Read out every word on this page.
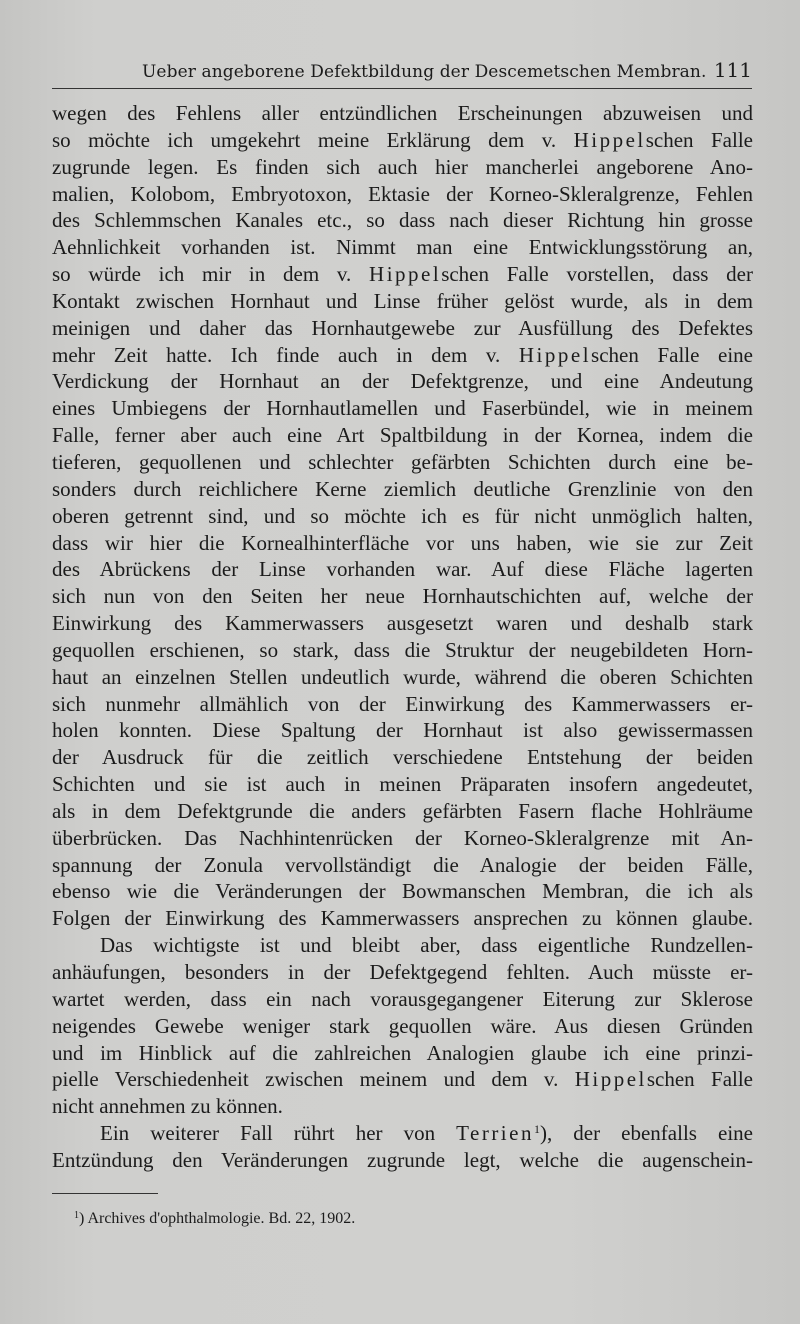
Ueber angeborene Defektbildung der Descemetschen Membran. 111
wegen des Fehlens aller entzündlichen Erscheinungen abzuweisen und
so möchte ich umgekehrt meine Erklärung dem v. Hippelschen Falle
zugrunde legen. Es finden sich auch hier mancherlei angeborene Ano-
malien, Kolobom, Embryotoxon, Ektasie der Korneo-Skleralgrenze, Fehlen
des Schlemmschen Kanales etc., so dass nach dieser Richtung hin grosse
Aehnlichkeit vorhanden ist. Nimmt man eine Entwicklungsstörung an,
so würde ich mir in dem v. Hippelschen Falle vorstellen, dass der
Kontakt zwischen Hornhaut und Linse früher gelöst wurde, als in dem
meinigen und daher das Hornhautgewebe zur Ausfüllung des Defektes
mehr Zeit hatte. Ich finde auch in dem v. Hippelschen Falle eine
Verdickung der Hornhaut an der Defektgrenze, und eine Andeutung
eines Umbiegens der Hornhautlamellen und Faserbündel, wie in meinem
Falle, ferner aber auch eine Art Spaltbildung in der Kornea, indem die
tieferen, gequollenen und schlechter gefärbten Schichten durch eine be-
sonders durch reichlichere Kerne ziemlich deutliche Grenzlinie von den
oberen getrennt sind, und so möchte ich es für nicht unmöglich halten,
dass wir hier die Kornealhinterfläche vor uns haben, wie sie zur Zeit
des Abrückens der Linse vorhanden war. Auf diese Fläche lagerten
sich nun von den Seiten her neue Hornhautschichten auf, welche der
Einwirkung des Kammerwassers ausgesetzt waren und deshalb stark
gequollen erschienen, so stark, dass die Struktur der neugebildeten Horn-
haut an einzelnen Stellen undeutlich wurde, während die oberen Schichten
sich nunmehr allmählich von der Einwirkung des Kammerwassers er-
holen konnten. Diese Spaltung der Hornhaut ist also gewissermassen
der Ausdruck für die zeitlich verschiedene Entstehung der beiden
Schichten und sie ist auch in meinen Präparaten insofern angedeutet,
als in dem Defektgrunde die anders gefärbten Fasern flache Hohlräume
überbrücken. Das Nachhintenrücken der Korneo-Skleralgrenze mit An-
spannung der Zonula vervollständigt die Analogie der beiden Fälle,
ebenso wie die Veränderungen der Bowmanschen Membran, die ich als
Folgen der Einwirkung des Kammerwassers ansprechen zu können glaube.
Das wichtigste ist und bleibt aber, dass eigentliche Rundzellen-
anhäufungen, besonders in der Defektgegend fehlten. Auch müsste er-
wartet werden, dass ein nach vorausgegangener Eiterung zur Sklerose
neigendes Gewebe weniger stark gequollen wäre. Aus diesen Gründen
und im Hinblick auf die zahlreichen Analogien glaube ich eine prinzi-
pielle Verschiedenheit zwischen meinem und dem v. Hippelschen Falle
nicht annehmen zu können.
Ein weiterer Fall rührt her von Terrien$^1$), der ebenfalls eine
Entzündung den Veränderungen zugrunde legt, welche die augenschein-
$^1$) Archives d'ophthalmologie. Bd. 22, 1902.
